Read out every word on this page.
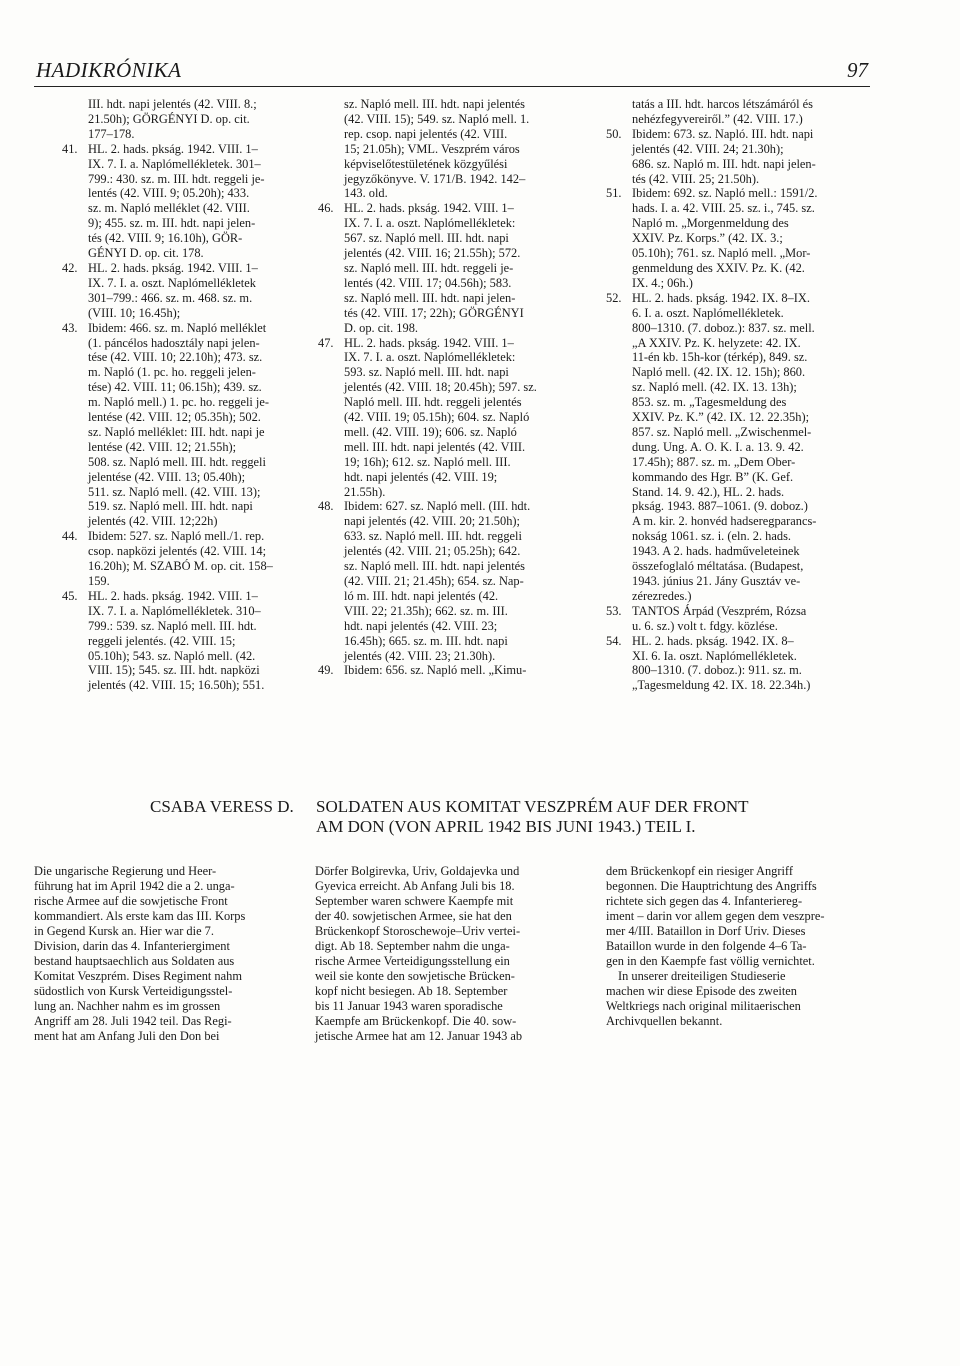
HADIKRÓNIKA	97
III. hdt. napi jelentés (42. VIII. 8.;
21.50h); GÖRGÉNYI D. op. cit.
177–178.
41. HL. 2. hads. pkság. 1942. VIII. 1–
IX. 7. I. a. Naplómellékletek. 301–
799.: 430. sz. m. III. hdt. reggeli je-
lentés (42. VIII. 9; 05.20h); 433.
sz. m. Napló melléklet (42. VIII.
9); 455. sz. m. III. hdt. napi jelen-
tés (42. VIII. 9; 16.10h), GÖR-
GÉNYI D. op. cit. 178.
42. HL. 2. hads. pkság. 1942. VIII. 1–
IX. 7. I. a. oszt. Naplómellékletek
301–799.: 466. sz. m. 468. sz. m.
(VIII. 10; 16.45h);
43. Ibidem: 466. sz. m. Napló melléklet
(1. páncélos hadosztály napi jelen-
tése (42. VIII. 10; 22.10h); 473. sz.
m. Napló (1. pc. ho. reggeli jelen-
tése) 42. VIII. 11; 06.15h); 439. sz.
m. Napló mell.) 1. pc. ho. reggeli je-
lentése (42. VIII. 12; 05.35h); 502.
sz. Napló melléklet: III. hdt. napi je
lentése (42. VIII. 12; 21.55h);
508. sz. Napló mell. III. hdt. reggeli
jelentése (42. VIII. 13; 05.40h);
511. sz. Napló mell. (42. VIII. 13);
519. sz. Napló mell. III. hdt. napi
jelentés (42. VIII. 12;22h)
44. Ibidem: 527. sz. Napló mell./1. rep.
csop. napközi jelentés (42. VIII. 14;
16.20h); M. SZABÓ M. op. cit. 158–
159.
45. HL. 2. hads. pkság. 1942. VIII. 1–
IX. 7. I. a. Naplómellékletek. 310–
799.: 539. sz. Napló mell. III. hdt.
reggeli jelentés. (42. VIII. 15;
05.10h); 543. sz. Napló mell. (42.
VIII. 15); 545. sz. III. hdt. napközi
jelentés (42. VIII. 15; 16.50h); 551.
sz. Napló mell. III. hdt. napi jelentés
(42. VIII. 15); 549. sz. Napló mell. 1.
rep. csop. napi jelentés (42. VIII.
15; 21.05h); VML. Veszprém város
képviselőtestületének közgyűlési
jegyzőkönyve. V. 171/B. 1942. 142–
143. old.
46. HL. 2. hads. pkság. 1942. VIII. 1–
IX. 7. I. a. oszt. Naplómellékletek:
567. sz. Napló mell. III. hdt. napi
jelentés (42. VIII. 16; 21.55h); 572.
sz. Napló mell. III. hdt. reggeli je-
lentés (42. VIII. 17; 04.56h); 583.
sz. Napló mell. III. hdt. napi jelen-
tés (42. VIII. 17; 22h); GÖRGÉNYI
D. op. cit. 198.
47. HL. 2. hads. pkság. 1942. VIII. 1–
IX. 7. I. a. oszt. Naplómellékletek:
593. sz. Napló mell. III. hdt. napi
jelentés (42. VIII. 18; 20.45h); 597. sz.
Napló mell. III. hdt. reggeli jelentés
(42. VIII. 19; 05.15h); 604. sz. Napló
mell. (42. VIII. 19); 606. sz. Napló
mell. III. hdt. napi jelentés (42. VIII.
19; 16h); 612. sz. Napló mell. III.
hdt. napi jelentés (42. VIII. 19;
21.55h).
48. Ibidem: 627. sz. Napló mell. (III. hdt.
napi jelentés (42. VIII. 20; 21.50h);
633. sz. Napló mell. III. hdt. reggeli
jelentés (42. VIII. 21; 05.25h); 642.
sz. Napló mell. III. hdt. napi jelentés
(42. VIII. 21; 21.45h); 654. sz. Nap-
ló m. III. hdt. napi jelentés (42.
VIII. 22; 21.35h); 662. sz. m. III.
hdt. napi jelentés (42. VIII. 23;
16.45h); 665. sz. m. III. hdt. napi
jelentés (42. VIII. 23; 21.30h).
49. Ibidem: 656. sz. Napló mell. „Kimu-
tatás a III. hdt. harcos létszámáról és
nehézfegyvereiről.” (42. VIII. 17.)
50. Ibidem: 673. sz. Napló. III. hdt. napi
jelentés (42. VIII. 24; 21.30h);
686. sz. Napló m. III. hdt. napi jelen-
tés (42. VIII. 25; 21.50h).
51. Ibidem: 692. sz. Napló mell.: 1591/2.
hads. I. a. 42. VIII. 25. sz. i., 745. sz.
Napló m. „Morgenmeldung des
XXIV. Pz. Korps.” (42. IX. 3.;
05.10h); 761. sz. Napló mell. „Mor-
genmeldung des XXIV. Pz. K. (42.
IX. 4.; 06h.)
52. HL. 2. hads. pkság. 1942. IX. 8–IX.
6. I. a. oszt. Naplómellékletek.
800–1310. (7. doboz.): 837. sz. mell.
„A XXIV. Pz. K. helyzete: 42. IX.
11-én kb. 15h-kor (térkép), 849. sz.
Napló mell. (42. IX. 12. 15h); 860.
sz. Napló mell. (42. IX. 13. 13h);
853. sz. m. „Tagesmeldung des
XXIV. Pz. K.” (42. IX. 12. 22.35h);
857. sz. Napló mell. „Zwischenmel-
dung. Ung. A. O. K. I. a. 13. 9. 42.
17.45h); 887. sz. m. „Dem Ober-
kommando des Hgr. B” (K. Gef.
Stand. 14. 9. 42.), HL. 2. hads.
pkság. 1943. 887–1061. (9. doboz.)
A m. kir. 2. honvéd hadseregparancs-
nokság 1061. sz. i. (eln. 2. hads.
1943. A 2. hads. hadműveleteinek
összefoglaló méltatása. (Budapest,
1943. június 21. Jány Gusztáv ve-
zérezredes.)
53. TANTOS Árpád (Veszprém, Rózsa
u. 6. sz.) volt t. fdgy. közlése.
54. HL. 2. hads. pkság. 1942. IX. 8–
XI. 6. Ia. oszt. Naplómellékletek.
800–1310. (7. doboz.): 911. sz. m.
„Tagesmeldung 42. IX. 18. 22.34h.)
CSABA VERESS D. SOLDATEN AUS KOMITAT VESZPRÉM AUF DER FRONT
AM DON (VON APRIL 1942 BIS JUNI 1943.) TEIL I.
Die ungarische Regierung und Heer-
führung hat im April 1942 die a 2. unga-
rische Armee auf die sowjetische Front
kommandiert. Als erste kam das III. Korps
in Gegend Kursk an. Hier war die 7.
Division, darin das 4. Infanteriergiment
bestand hauptsaechlich aus Soldaten aus
Komitat Veszprém. Dises Regiment nahm
südostlich von Kursk Verteidigungsstel-
lung an. Nachher nahm es im grossen
Angriff am 28. Juli 1942 teil. Das Regi-
ment hat am Anfang Juli den Don bei
Dörfer Bolgirevka, Uriv, Goldajevka und
Gyevica erreicht. Ab Anfang Juli bis 18.
September waren schwere Kaempfe mit
der 40. sowjetischen Armee, sie hat den
Brückenkopf Storoschewoje–Uriv vertei-
digt. Ab 18. September nahm die unga-
rische Armee Verteidigungsstellung ein
weil sie konte den sowjetische Brücken-
kopf nicht besiegen. Ab 18. September
bis 11 Januar 1943 waren sporadische
Kaempfe am Brückenkopf. Die 40. sow-
jetische Armee hat am 12. Januar 1943 ab
dem Brückenkopf ein riesiger Angriff
begonnen. Die Hauptrichtung des Angriffs
richtete sich gegen das 4. Infanteriereg-
iment – darin vor allem gegen dem veszpre-
mer 4/III. Bataillon in Dorf Uriv. Dieses
Bataillon wurde in den folgende 4–6 Ta-
gen in den Kaempfe fast völlig vernichtet.
In unserer dreiteiligen Studieserie
machen wir diese Episode des zweiten
Weltkriegs nach original militaerischen
Archivquellen bekannt.
